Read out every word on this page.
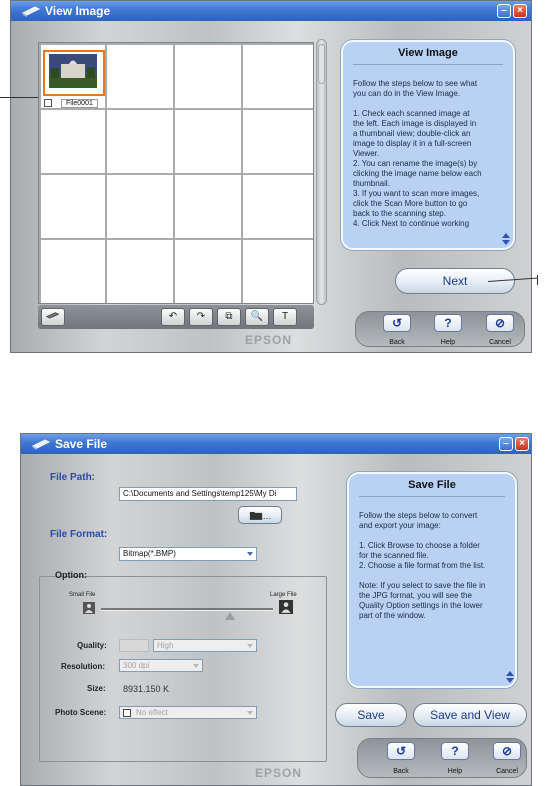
View Image	–	×
File0001
↶	↷	⧉	🔍	T
View Image

Follow the steps below to see what

you can do in the View Image.

1. Check each scanned image at

the left. Each image is displayed in

a thumbnail view; double-click an

image to display it in a full-screen

Viewer.

2. You can rename the image(s) by

clicking the image name below each

thumbnail.

3. If you want to scan more images,

click the Scan More button to go

back to the scanning step.

4. Click Next to continue working

Next
EPSON
↺	?	⊘
Back	Help	Cancel
Save File	–	×
File Path:
C:\Documents and Settings\temp125\My Di
…
File Format:
Bitmap(*.BMP)
Option:
Small File	Large File
Quality:	High
Resolution:	300 dpi
Size: 8931.150 K
Photo Scene:	No effect
Save File

Follow the steps below to convert

and export your image:

1. Click Browse to choose a folder

for the scanned file.

2. Choose a file format from the list.

Note: If you select to save the file in

the JPG format, you will see the

Quality Option settings in the lower

part of the window.

Save	Save and View
EPSON
↺	?	⊘
Back	Help	Cancel
